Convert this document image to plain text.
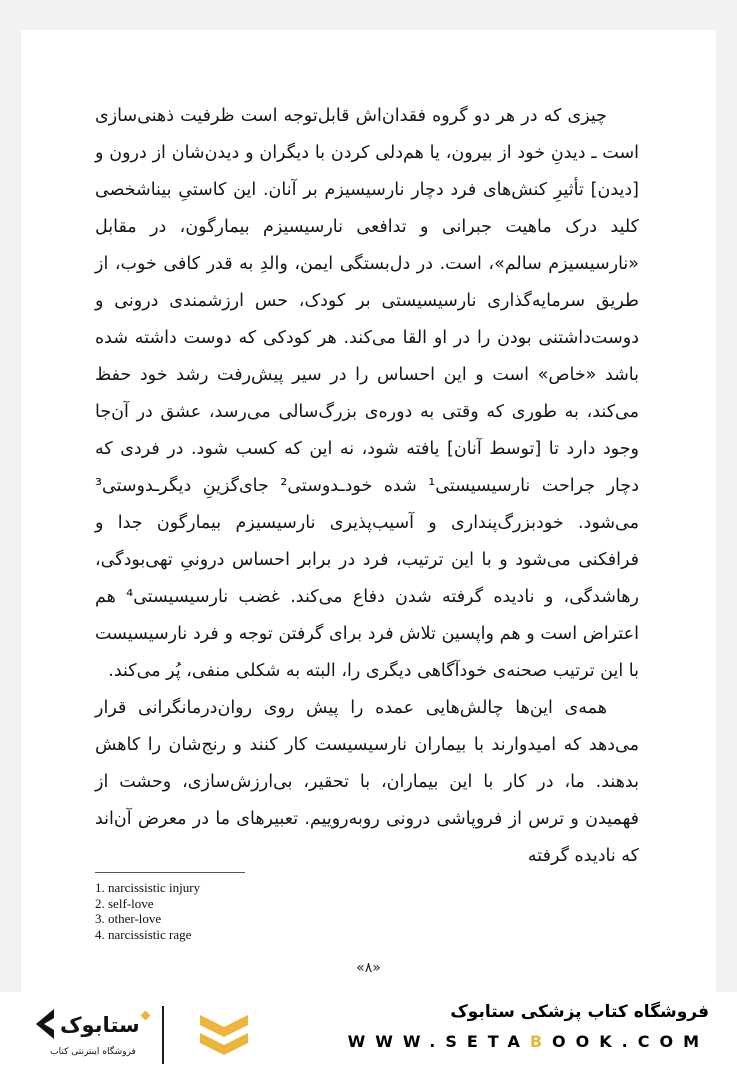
چیزی که در هر دو گروه فقدان‌اش قابل‌توجه است ظرفیت ذهنی‌سازی است ـ دیدنِ خود از بیرون، یا هم‌دلی کردن با دیگران و دیدن‌شان از درون و [دیدن] تأثیرِ کنش‌های فرد دچار نارسیسیزم بر آنان. این کاستیِ بیناشخصی کلید درک ماهیت جبرانی و تدافعی نارسیسیزم بیمارگون، در مقابل «نارسیسیزم سالم»، است. در دل‌بستگی ایمن، والدِ به قدر کافی خوب، از طریق سرمایه‌گذاری نارسیسیستی بر کودک، حس ارزشمندی درونی و دوست‌داشتنی بودن را در او القا می‌کند. هر کودکی که دوست داشته شده باشد «خاص» است و این احساس را در سیر پیش‌رفت رشد خود حفظ می‌کند، به طوری که وقتی به دوره‌ی بزرگ‌سالی می‌رسد، عشق در آن‌جا وجود دارد تا [توسط آنان] یافته شود، نه این که کسب شود. در فردی که دچار جراحت نارسیسیستی¹ شده خودـدوستی² جای‌گزینِ دیگرـدوستی³ می‌شود. خودبزرگ‌پنداری و آسیب‌پذیری نارسیسیزم بیمارگون جدا و فرافکنی می‌شود و با این ترتیب، فرد در برابر احساس درونیِ تهی‌بودگی، رهاشدگی، و نادیده گرفته شدن دفاع می‌کند. غضب نارسیسیستی⁴ هم اعتراض است و هم واپسین تلاش فرد برای گرفتن توجه و فرد نارسیسیست با این ترتیب صحنه‌ی خودآگاهی دیگری را، البته به شکلی منفی، پُر می‌کند.

همه‌ی این‌ها چالش‌هایی عمده را پیش روی روان‌درمانگرانی قرار می‌دهد که امیدوارند با بیماران نارسیسیست کار کنند و رنج‌شان را کاهش بدهند. ما، در کار با این بیماران، با تحقیر، بی‌ارزش‌سازی، وحشت از فهمیدن و ترس از فروپاشی درونی روبه‌روییم. تعبیرهای ما در معرض آن‌اند که نادیده گرفته

1. narcissistic injury
2. self-love
3. other-love
4. narcissistic rage
«۸»
ستابوک
فروشگاه اینترنتی کتاب
فروشگاه کتاب پزشکی ستابوک
WWW.SETABOOK.COM
